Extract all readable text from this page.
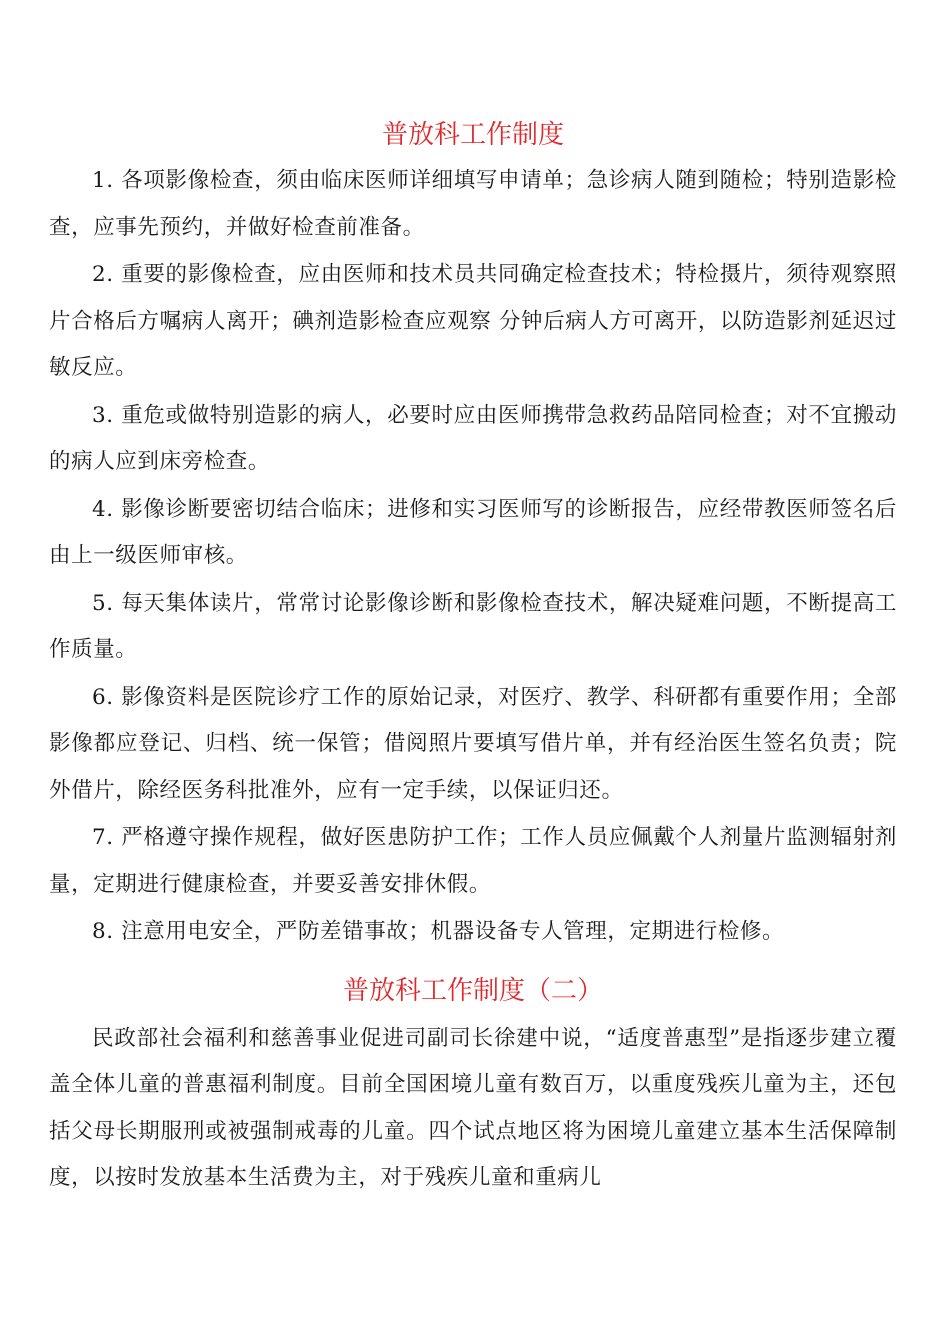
普放科工作制度

1. 各项影像检查，须由临床医师详细填写申请单；急诊病人随到随检；特别造影检查，应事先预约，并做好检查前准备。

2. 重要的影像检查，应由医师和技术员共同确定检查技术；特检摄片，须待观察照片合格后方嘱病人离开；碘剂造影检查应观察 分钟后病人方可离开，以防造影剂延迟过敏反应。

3. 重危或做特别造影的病人，必要时应由医师携带急救药品陪同检查；对不宜搬动的病人应到床旁检查。

4. 影像诊断要密切结合临床；进修和实习医师写的诊断报告，应经带教医师签名后由上一级医师审核。

5. 每天集体读片，常常讨论影像诊断和影像检查技术，解决疑难问题，不断提高工作质量。

6. 影像资料是医院诊疗工作的原始记录，对医疗、教学、科研都有重要作用；全部影像都应登记、归档、统一保管；借阅照片要填写借片单，并有经治医生签名负责；院外借片，除经医务科批准外，应有一定手续，以保证归还。

7. 严格遵守操作规程，做好医患防护工作；工作人员应佩戴个人剂量片监测辐射剂量，定期进行健康检查，并要妥善安排休假。

8. 注意用电安全，严防差错事故；机器设备专人管理，定期进行检修。

普放科工作制度（二）

民政部社会福利和慈善事业促进司副司长徐建中说，“适度普惠型”是指逐步建立覆盖全体儿童的普惠福利制度。目前全国困境儿童有数百万，以重度残疾儿童为主，还包括父母长期服刑或被强制戒毒的儿童。四个试点地区将为困境儿童建立基本生活保障制度，以按时发放基本生活费为主，对于残疾儿童和重病儿
